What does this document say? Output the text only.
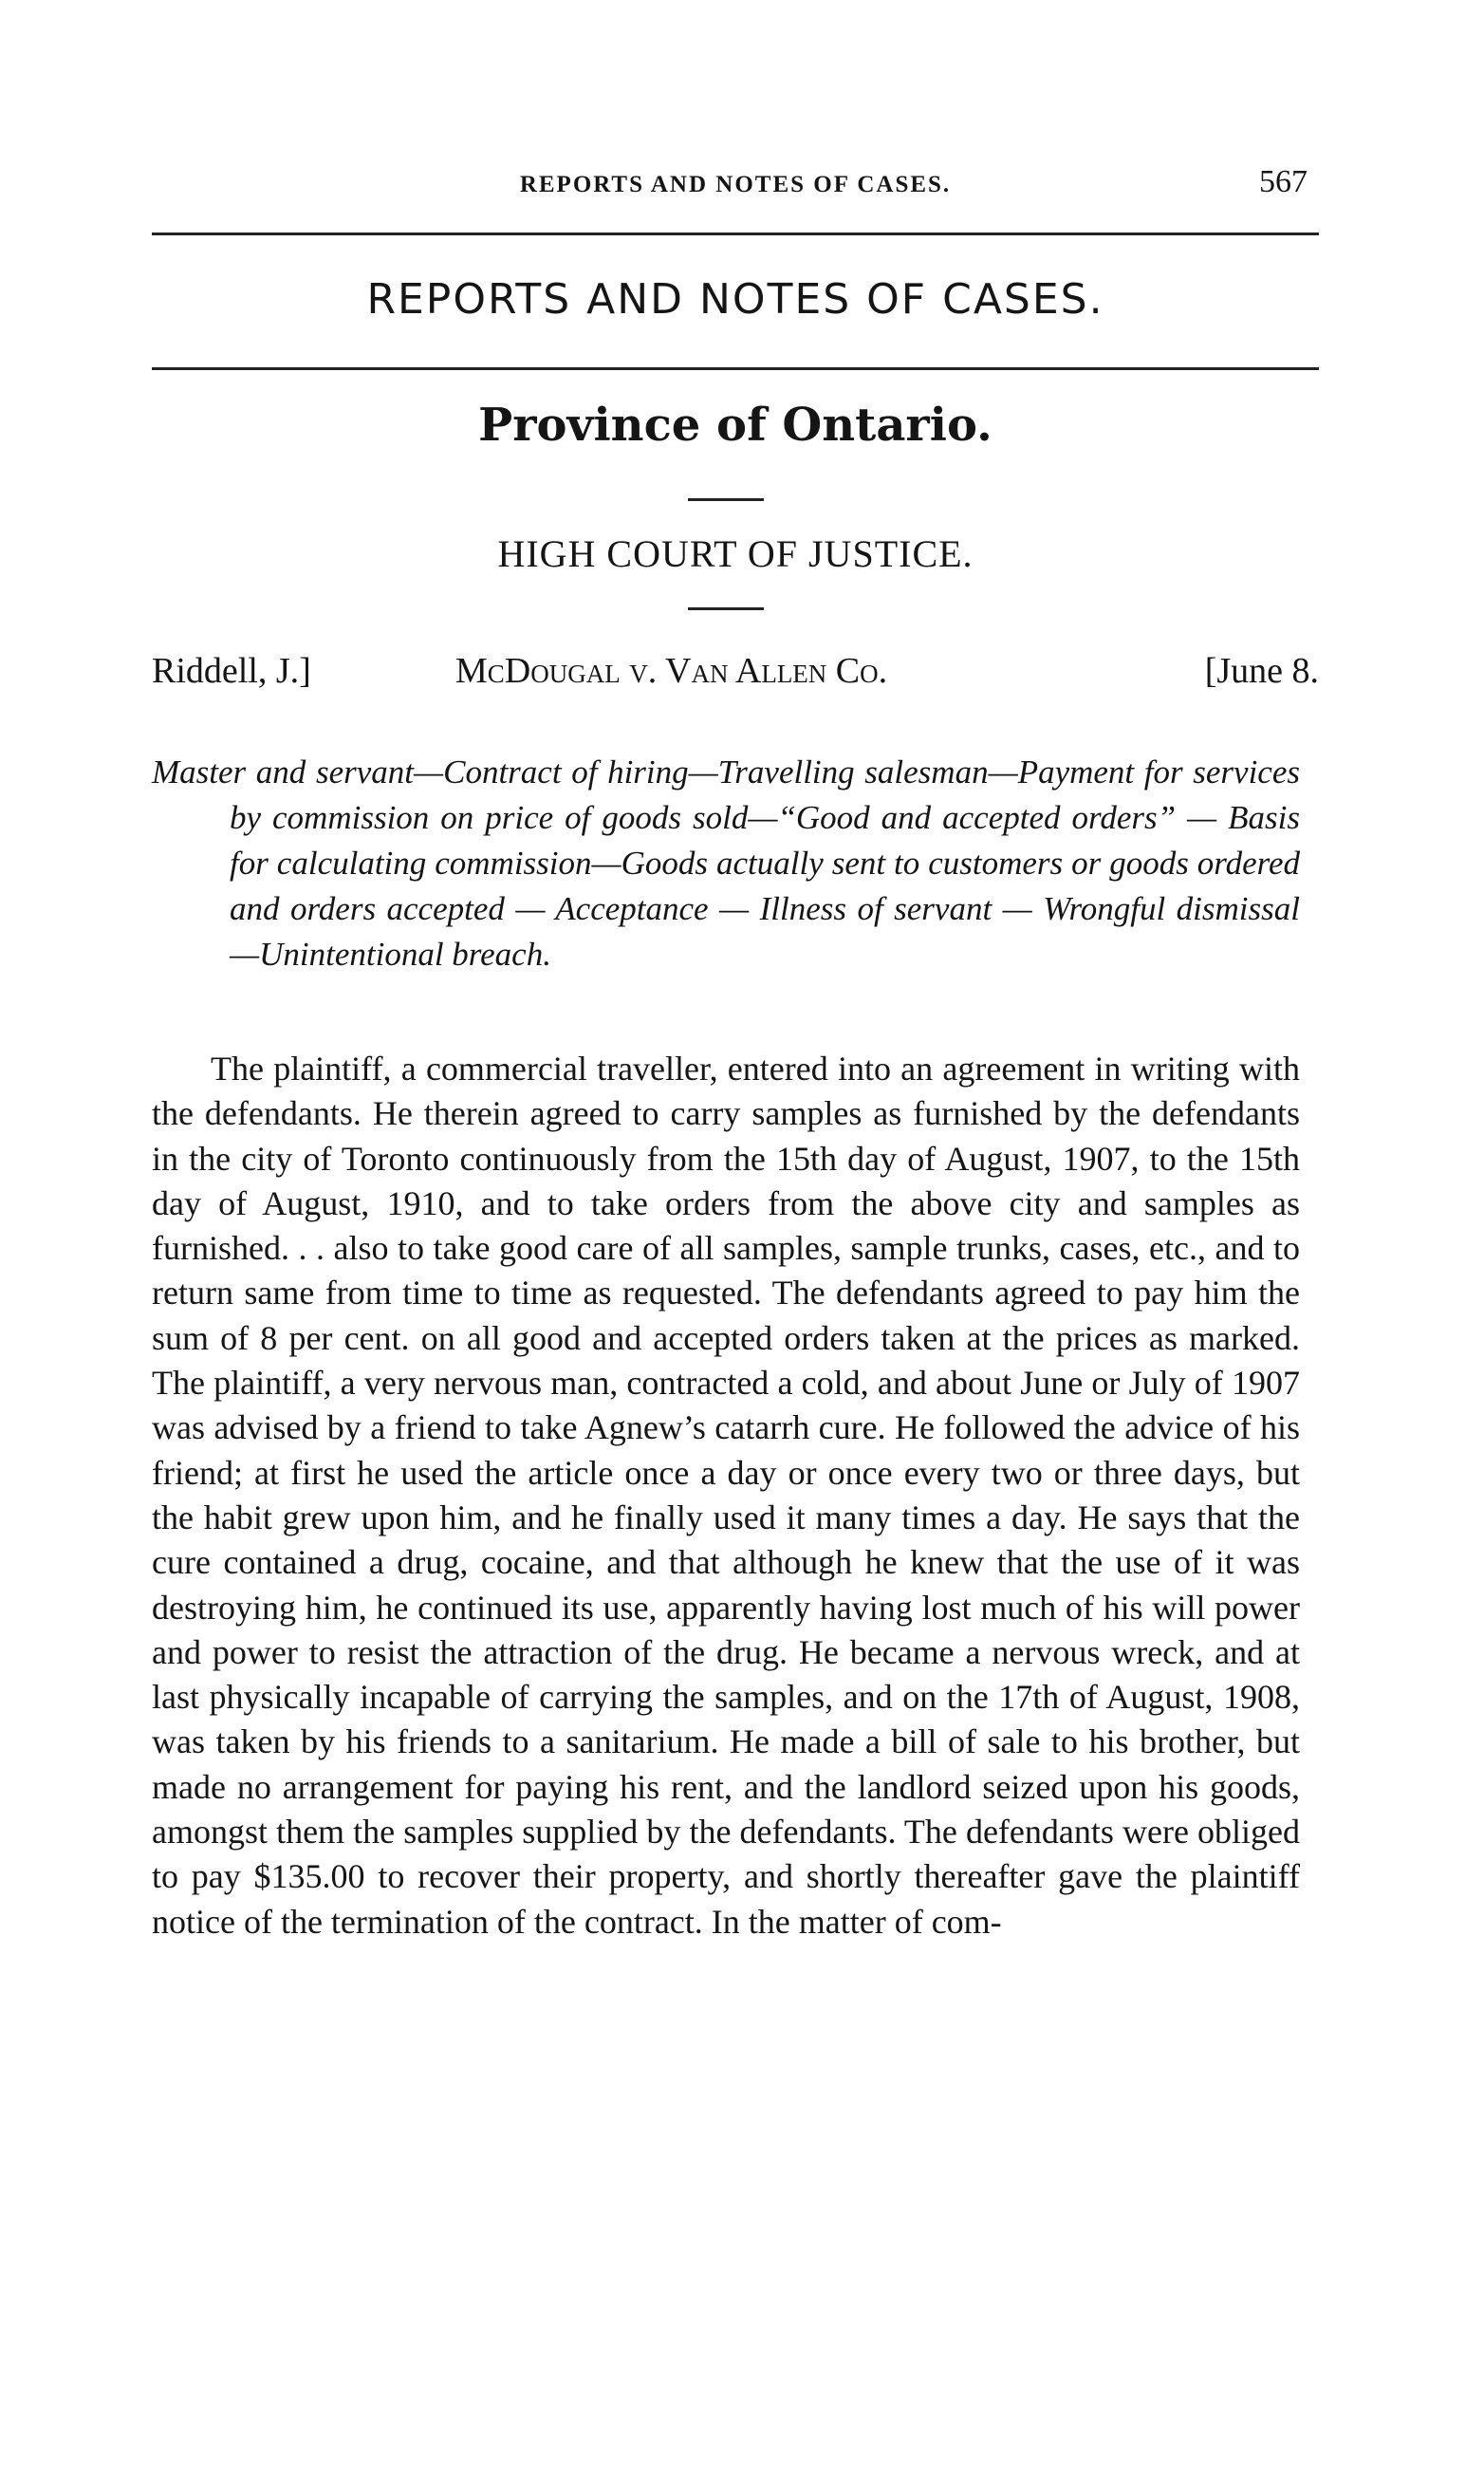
REPORTS AND NOTES OF CASES.	567
REPORTS AND NOTES OF CASES.
Province of Ontario.
HIGH COURT OF JUSTICE.
Riddell, J.]	McDougal v. Van Allen Co.	[June 8.

Master and servant—Contract of hiring—Travelling salesman—Payment for services by commission on price of goods sold—“Good and accepted orders” — Basis for calculating commission—Goods actually sent to customers or goods ordered and orders accepted — Acceptance — Illness of servant — Wrongful dismissal—Unintentional breach.

The plaintiff, a commercial traveller, entered into an agreement in writing with the defendants. He therein agreed to carry samples as furnished by the defendants in the city of Toronto continuously from the 15th day of August, 1907, to the 15th day of August, 1910, and to take orders from the above city and samples as furnished. . . also to take good care of all samples, sample trunks, cases, etc., and to return same from time to time as requested. The defendants agreed to pay him the sum of 8 per cent. on all good and accepted orders taken at the prices as marked. The plaintiff, a very nervous man, contracted a cold, and about June or July of 1907 was advised by a friend to take Agnew’s catarrh cure. He followed the advice of his friend; at first he used the article once a day or once every two or three days, but the habit grew upon him, and he finally used it many times a day. He says that the cure contained a drug, cocaine, and that although he knew that the use of it was destroying him, he continued its use, apparently having lost much of his will power and power to resist the attraction of the drug. He became a nervous wreck, and at last physically incapable of carrying the samples, and on the 17th of August, 1908, was taken by his friends to a sanitarium. He made a bill of sale to his brother, but made no arrangement for paying his rent, and the landlord seized upon his goods, amongst them the samples supplied by the defendants. The defendants were obliged to pay $135.00 to recover their property, and shortly thereafter gave the plaintiff notice of the termination of the contract. In the matter of com-
